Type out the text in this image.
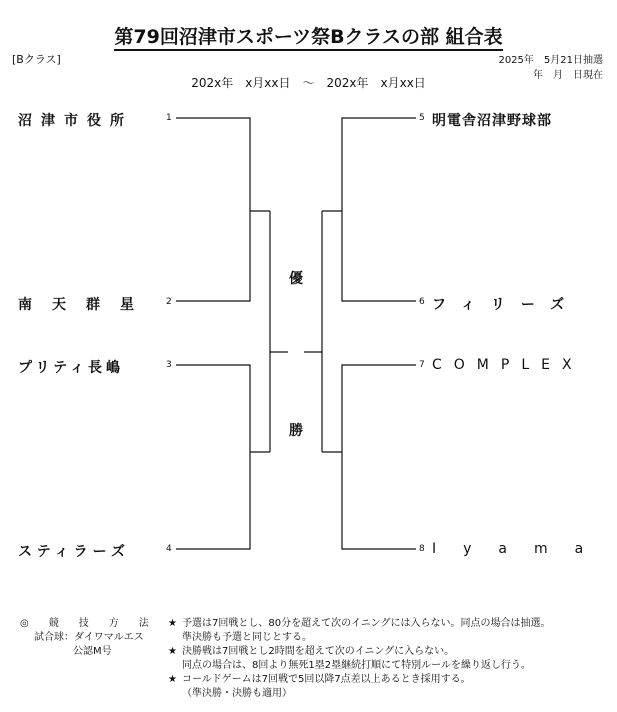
第79回沼津市スポーツ祭Bクラスの部 組合表
[Bクラス]	2025年　5月21日抽選
年　月　日現在
202x年　x月xx日　～　202x年　x月xx日
沼津市役所	1
南天群星 2
プリティ長嶋	3
スティラーズ	4
5 明電舎沼津野球部
6 フィリーズ
7 COMPLEX
8 Iyama
優
勝
◎　　競　　技　　方　　法
試合球：ダイワマルエス
公認M号
★ 予選は7回戦とし、80分を超えて次のイニングには入らない。同点の場合は抽選。
準決勝も予選と同じとする。
★ 決勝戦は7回戦とし2時間を超えて次のイニングに入らない。
同点の場合は、8回より無死1塁2塁継続打順にて特別ルールを繰り返し行う。
★ コールドゲームは7回戦で5回以降7点差以上あるとき採用する。
（準決勝・決勝も適用）
